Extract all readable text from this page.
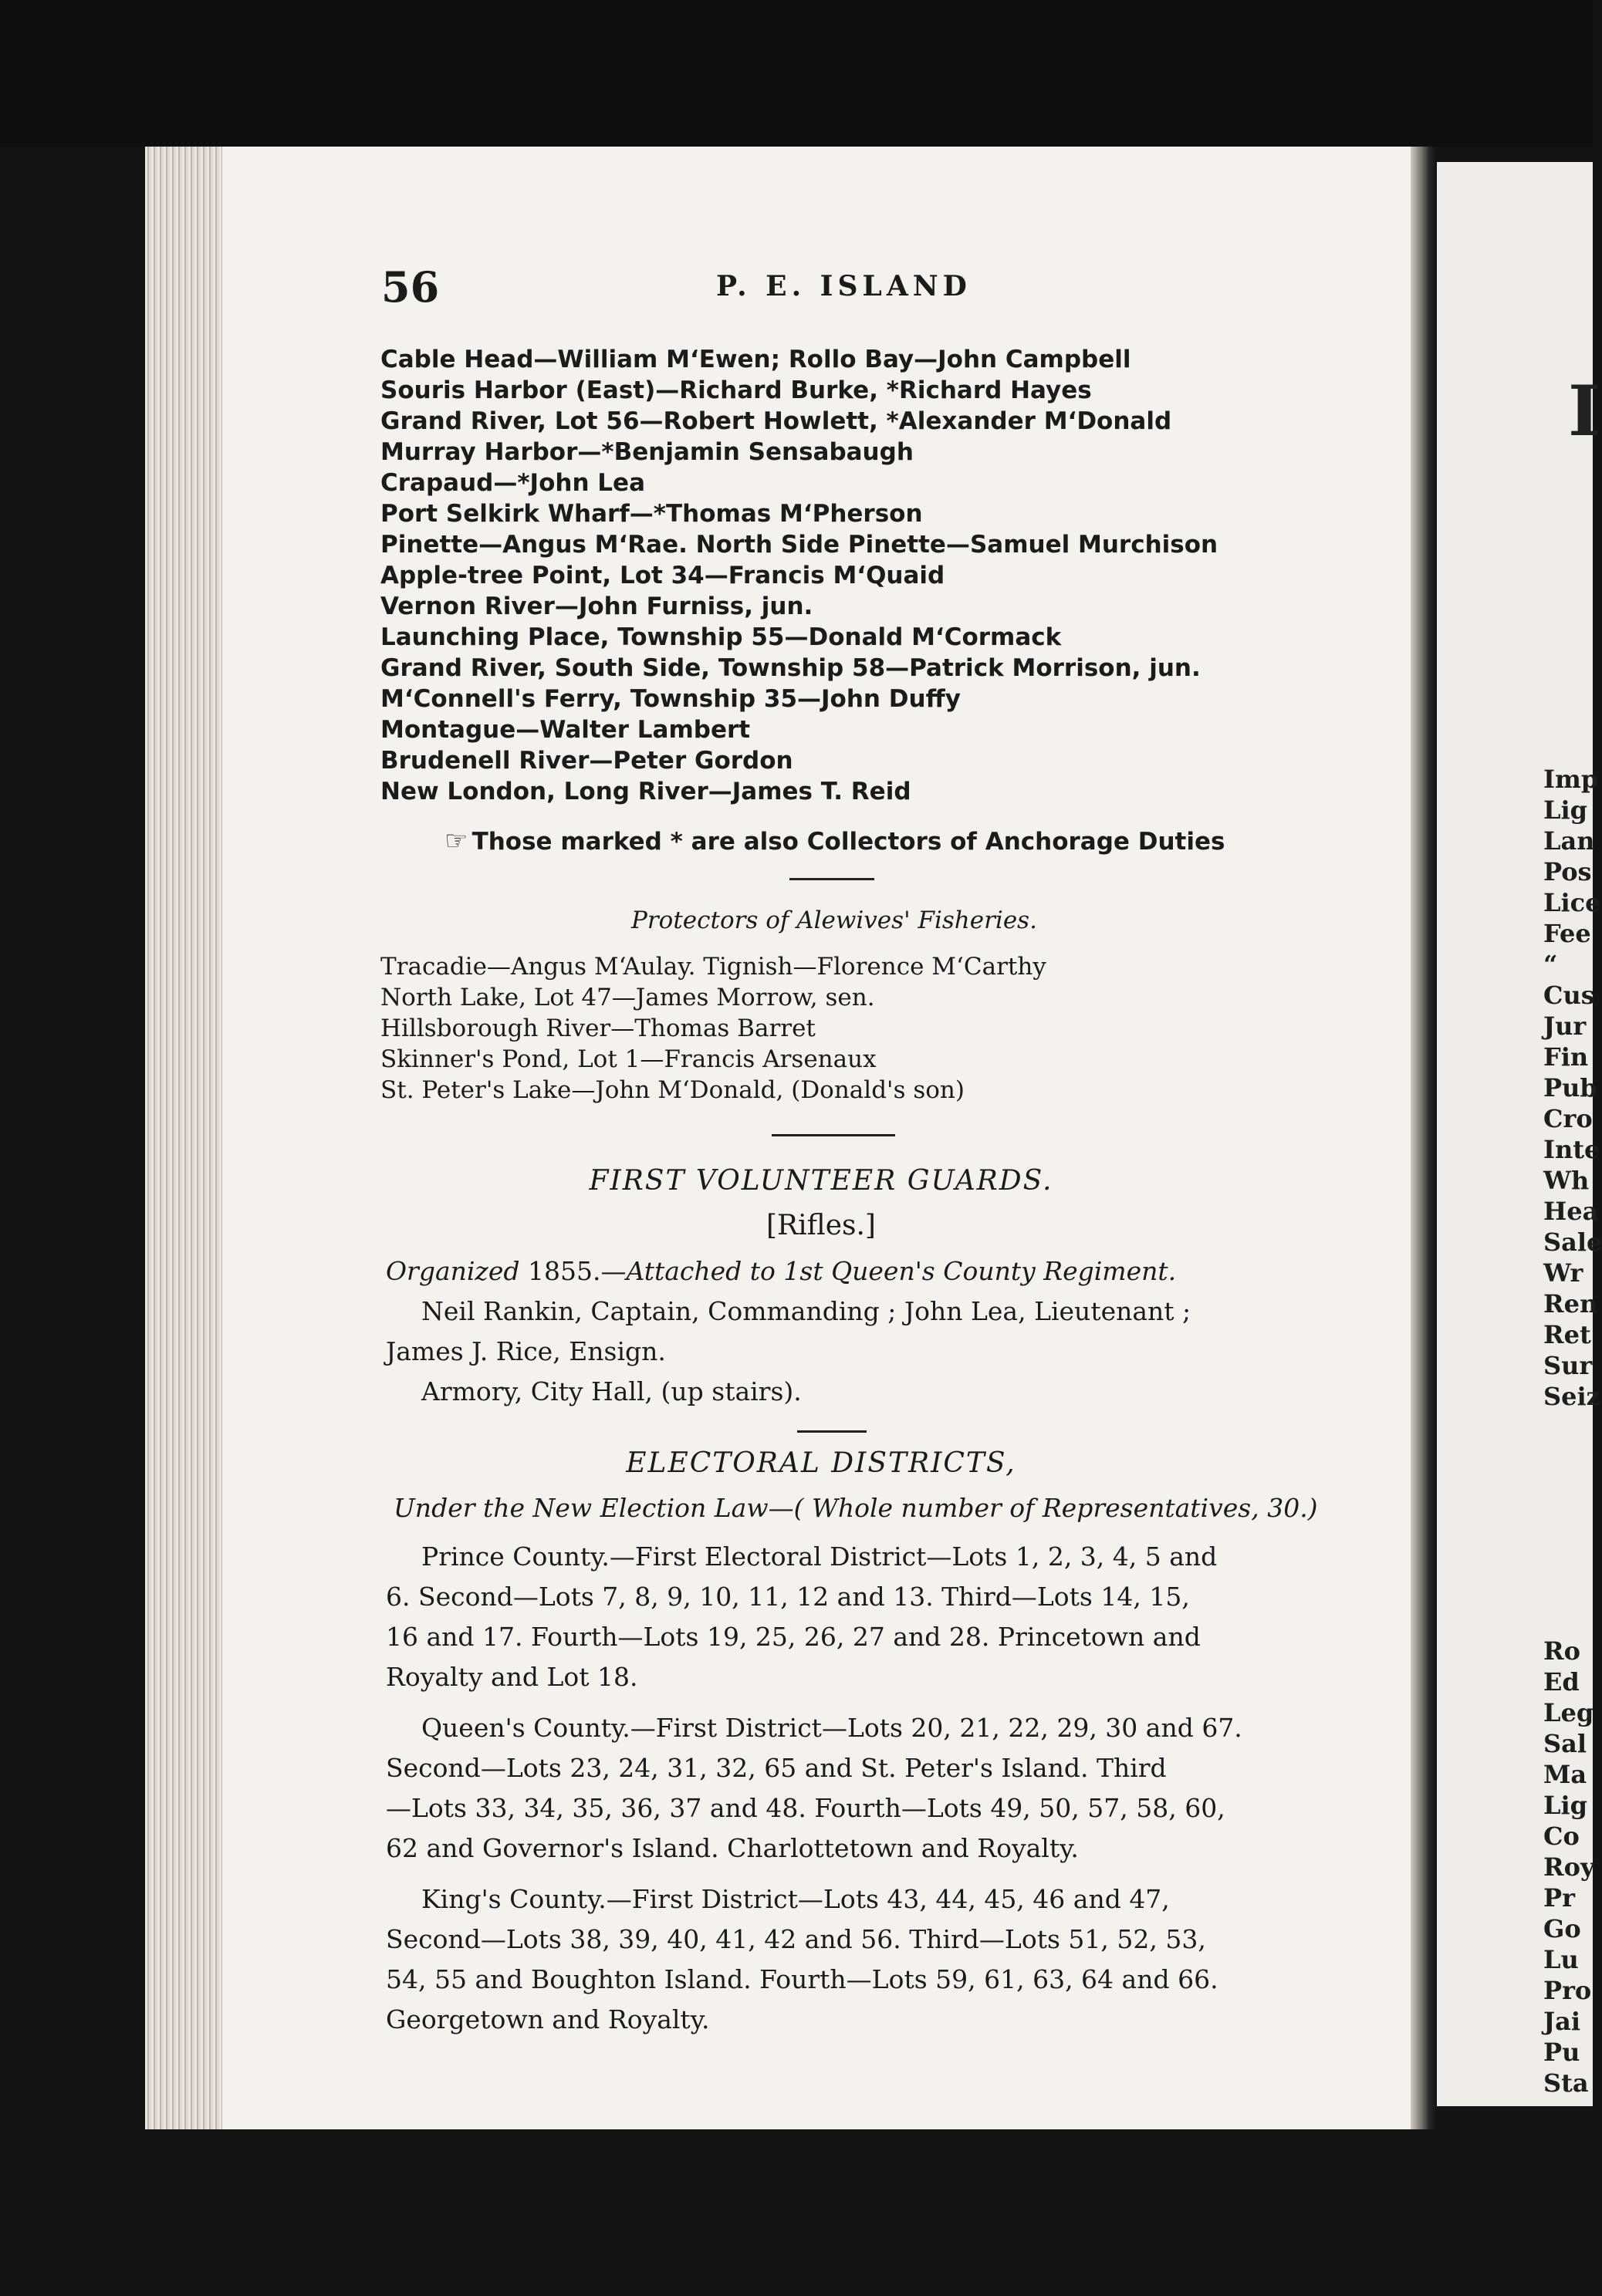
56	P. E. ISLAND
Cable Head—William M‘Ewen; Rollo Bay—John Campbell
Souris Harbor (East)—Richard Burke, *Richard Hayes
Grand River, Lot 56—Robert Howlett, *Alexander M‘Donald
Murray Harbor—*Benjamin Sensabaugh
Crapaud—*John Lea
Port Selkirk Wharf—*Thomas M‘Pherson
Pinette—Angus M‘Rae. North Side Pinette—Samuel Murchison
Apple-tree Point, Lot 34—Francis M‘Quaid
Vernon River—John Furniss, jun.
Launching Place, Township 55—Donald M‘Cormack
Grand River, South Side, Township 58—Patrick Morrison, jun.
M‘Connell's Ferry, Township 35—John Duffy
Montague—Walter Lambert
Brudenell River—Peter Gordon
New London, Long River—James T. Reid
☞ Those marked * are also Collectors of Anchorage Duties
Protectors of Alewives' Fisheries.
Tracadie—Angus M‘Aulay. Tignish—Florence M‘Carthy
North Lake, Lot 47—James Morrow, sen.
Hillsborough River—Thomas Barret
Skinner's Pond, Lot 1—Francis Arsenaux
St. Peter's Lake—John M‘Donald, (Donald's son)
FIRST VOLUNTEER GUARDS.
[Rifles.]
Organized 1855.—Attached to 1st Queen's County Regiment.
Neil Rankin, Captain, Commanding ; John Lea, Lieutenant ;
James J. Rice, Ensign.
Armory, City Hall, (up stairs).
ELECTORAL DISTRICTS,
Under the New Election Law—( Whole number of Representatives, 30.)
Prince County.—First Electoral District—Lots 1, 2, 3, 4, 5 and
6. Second—Lots 7, 8, 9, 10, 11, 12 and 13. Third—Lots 14, 15,
16 and 17. Fourth—Lots 19, 25, 26, 27 and 28. Princetown and
Royalty and Lot 18.
Queen's County.—First District—Lots 20, 21, 22, 29, 30 and 67.
Second—Lots 23, 24, 31, 32, 65 and St. Peter's Island. Third
—Lots 33, 34, 35, 36, 37 and 48. Fourth—Lots 49, 50, 57, 58, 60,
62 and Governor's Island. Charlottetown and Royalty.
King's County.—First District—Lots 43, 44, 45, 46 and 47,
Second—Lots 38, 39, 40, 41, 42 and 56. Third—Lots 51, 52, 53,
54, 55 and Boughton Island. Fourth—Lots 59, 61, 63, 64 and 66.
Georgetown and Royalty.
I
Imp
Lig
Lan
Pos
Lice
Fee
“
Cus
Jur
Fin
Pub
Cro
Inte
Wh
Hea
Sale
Wr
Ren
Ret
Sur
Seiz
Ro
Ed
Leg
Sal
Ma
Lig
Co
Roy
Pr
Go
Lu
Pro
Jai
Pu
Sta
